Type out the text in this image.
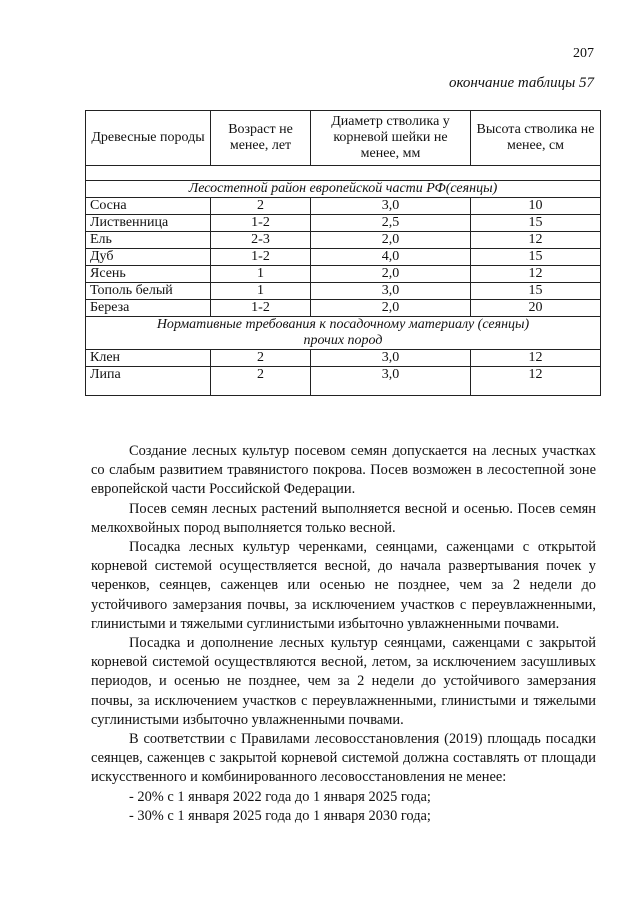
207
окончание таблицы 57
Древесные породы	Возраст не менее, лет	Диаметр стволика у корневой шейки не менее, мм	Высота стволика не менее, см

Лесостепной район европейской части РФ(сеянцы)			
Сосна	2	3,0	10
Лиственница	1-2	2,5	15
Ель	2-3	2,0	12
Дуб	1-2	4,0	15
Ясень	1	2,0	12
Тополь белый	1	3,0	15
Береза	1-2	2,0	20

Нормативные требования к посадочному материалу (сеянцы)
прочих пород			

Клен	2	3,0	12
Липа	2	3,0	12

Создание лесных культур посевом семян допускается на лесных участках со слабым развитием травянистого покрова. Посев возможен в лесостепной зоне европейской части Российской Федерации.

Посев семян лесных растений выполняется весной и осенью. Посев семян мелкохвойных пород выполняется только весной.

Посадка лесных культур черенками, сеянцами, саженцами с открытой корневой системой осуществляется весной, до начала развертывания почек у черенков, сеянцев, саженцев или осенью не позднее, чем за 2 недели до устойчивого замерзания почвы, за исключением участков с переувлажненными, глинистыми и тяжелыми суглинистыми избыточно увлажненными почвами.

Посадка и дополнение лесных культур сеянцами, саженцами с закрытой корневой системой осуществляются весной, летом, за исключением засушливых периодов, и осенью не позднее, чем за 2 недели до устойчивого замерзания почвы, за исключением участков с переувлажненными, глинистыми и тяжелыми суглинистыми избыточно увлажненными почвами.

В соответствии с Правилами лесовосстановления (2019) площадь посадки сеянцев, саженцев с закрытой корневой системой должна составлять от площади искусственного и комбинированного лесовосстановления не менее:

- 20% с 1 января 2022 года до 1 января 2025 года;

- 30% с 1 января 2025 года до 1 января 2030 года;
